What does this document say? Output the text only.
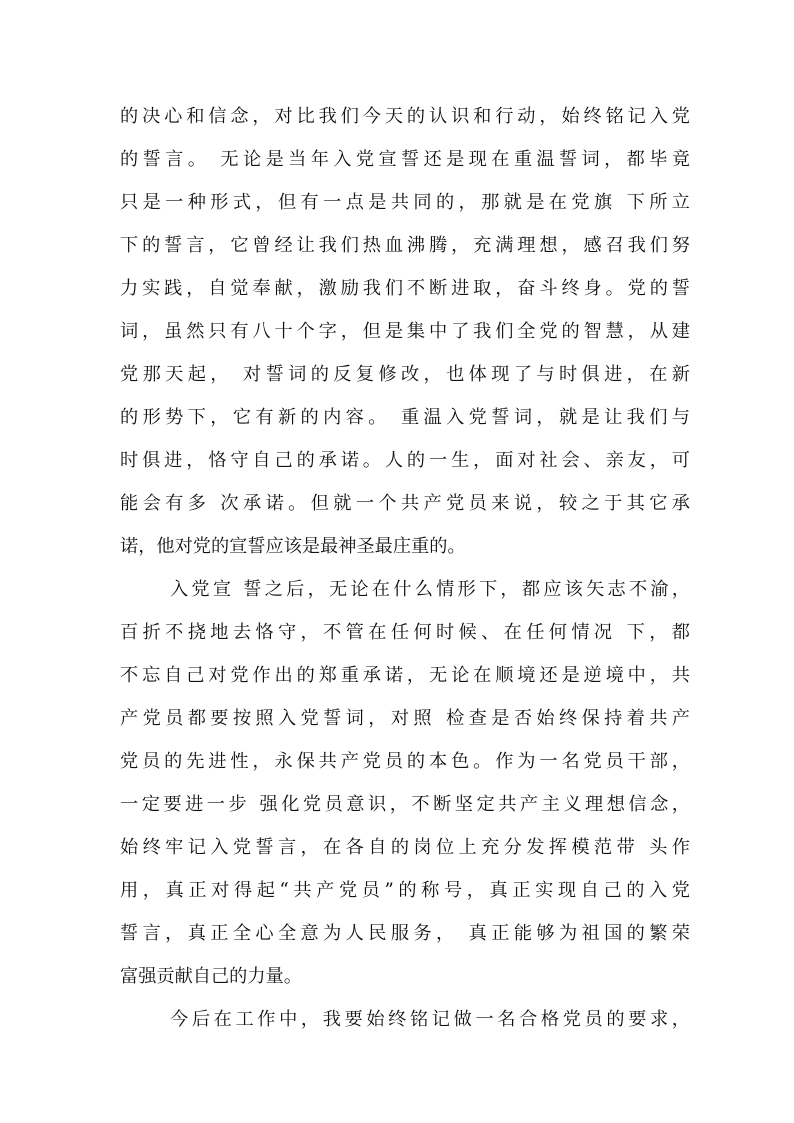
的决心和信念，对比我们今天的认识和行动，始终铭记入党
的誓言。 无论是当年入党宣誓还是现在重温誓词，都毕竟
只是一种形式，但有一点是共同的，那就是在党旗 下所立
下的誓言，它曾经让我们热血沸腾，充满理想，感召我们努
力实践，自觉奉献，激励我们不断进取，奋斗终身。党的誓
词，虽然只有八十个字，但是集中了我们全党的智慧，从建
党那天起， 对誓词的反复修改，也体现了与时俱进，在新
的形势下，它有新的内容。 重温入党誓词，就是让我们与
时俱进，恪守自己的承诺。人的一生，面对社会、亲友，可
能会有多 次承诺。但就一个共产党员来说，较之于其它承
诺，他对党的宣誓应该是最神圣最庄重的。
入党宣 誓之后，无论在什么情形下，都应该矢志不渝，
百折不挠地去恪守，不管在任何时候、在任何情况 下，都
不忘自己对党作出的郑重承诺，无论在顺境还是逆境中，共
产党员都要按照入党誓词，对照 检查是否始终保持着共产
党员的先进性，永保共产党员的本色。作为一名党员干部，
一定要进一步 强化党员意识，不断坚定共产主义理想信念，
始终牢记入党誓言，在各自的岗位上充分发挥模范带 头作
用，真正对得起“共产党员”的称号，真正实现自己的入党
誓言，真正全心全意为人民服务， 真正能够为祖国的繁荣
富强贡献自己的力量。
今后在工作中，我要始终铭记做一名合格党员的要求，
